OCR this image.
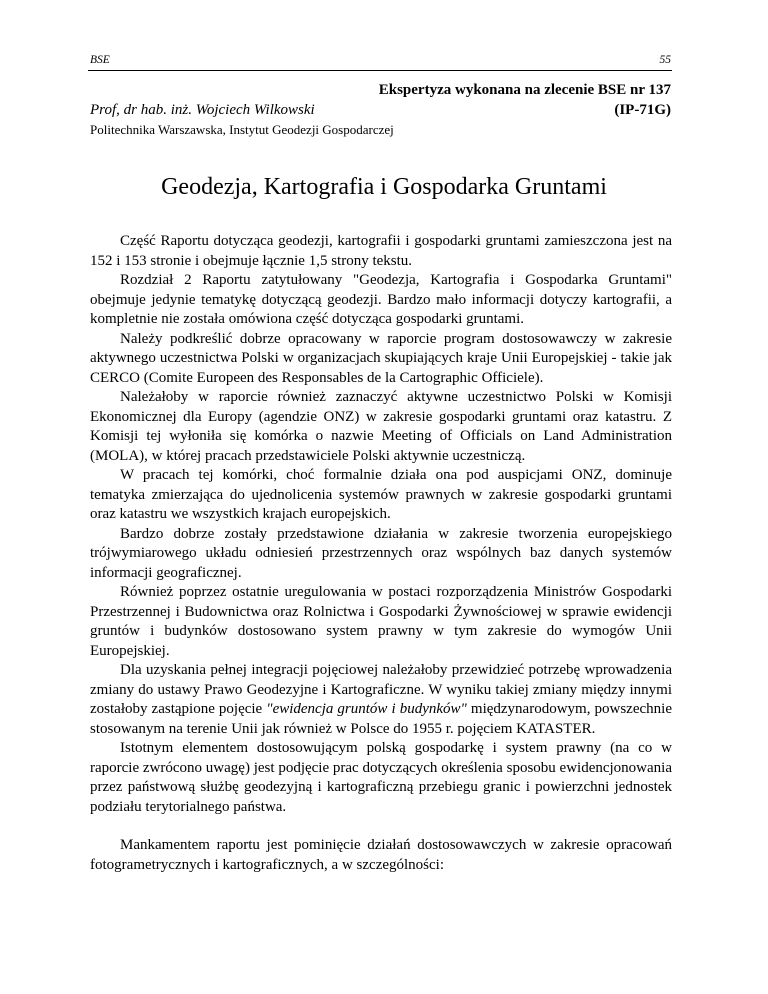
BSE	55
Ekspertyza wykonana na zlecenie BSE nr 137
(IP-71G)
Prof, dr hab. inż. Wojciech Wilkowski
Politechnika Warszawska, Instytut Geodezji Gospodarczej
Geodezja, Kartografia i Gospodarka Gruntami

Część Raportu dotycząca geodezji, kartografii i gospodarki gruntami zamieszczona jest na 152 i 153 stronie i obejmuje łącznie 1,5 strony tekstu.

Rozdział 2 Raportu zatytułowany "Geodezja, Kartografia i Gospodarka Gruntami" obejmuje jedynie tematykę dotyczącą geodezji. Bardzo mało informacji dotyczy kartografii, a kompletnie nie została omówiona część dotycząca gospodarki gruntami.

Należy podkreślić dobrze opracowany w raporcie program dostosowawczy w zakresie aktywnego uczestnictwa Polski w organizacjach skupiających kraje Unii Europejskiej - takie jak CERCO (Comite Europeen des Responsables de la Cartographic Officiele).

Należałoby w raporcie również zaznaczyć aktywne uczestnictwo Polski w Komisji Ekonomicznej dla Europy (agendzie ONZ) w zakresie gospodarki gruntami oraz katastru. Z Komisji tej wyłoniła się komórka o nazwie Meeting of Officials on Land Administration (MOLA), w której pracach przedstawiciele Polski aktywnie uczestniczą.

W pracach tej komórki, choć formalnie działa ona pod auspicjami ONZ, dominuje tematyka zmierzająca do ujednolicenia systemów prawnych w zakresie gospodarki gruntami oraz katastru we wszystkich krajach europejskich.

Bardzo dobrze zostały przedstawione działania w zakresie tworzenia europejskiego trójwymiarowego układu odniesień przestrzennych oraz wspólnych baz danych systemów informacji geograficznej.

Również poprzez ostatnie uregulowania w postaci rozporządzenia Ministrów Gospodarki Przestrzennej i Budownictwa oraz Rolnictwa i Gospodarki Żywnościowej w sprawie ewidencji gruntów i budynków dostosowano system prawny w tym zakresie do wymogów Unii Europejskiej.

Dla uzyskania pełnej integracji pojęciowej należałoby przewidzieć potrzebę wprowadzenia zmiany do ustawy Prawo Geodezyjne i Kartograficzne. W wyniku takiej zmiany między innymi zostałoby zastąpione pojęcie "ewidencja gruntów i budynków" międzynarodowym, powszechnie stosowanym na terenie Unii jak również w Polsce do 1955 r. pojęciem KATASTER.

Istotnym elementem dostosowującym polską gospodarkę i system prawny (na co w raporcie zwrócono uwagę) jest podjęcie prac dotyczących określenia sposobu ewidencjonowania przez państwową służbę geodezyjną i kartograficzną przebiegu granic i powierzchni jednostek podziału terytorialnego państwa.

Mankamentem raportu jest pominięcie działań dostosowawczych w zakresie opracowań fotogrametrycznych i kartograficznych, a w szczególności:
